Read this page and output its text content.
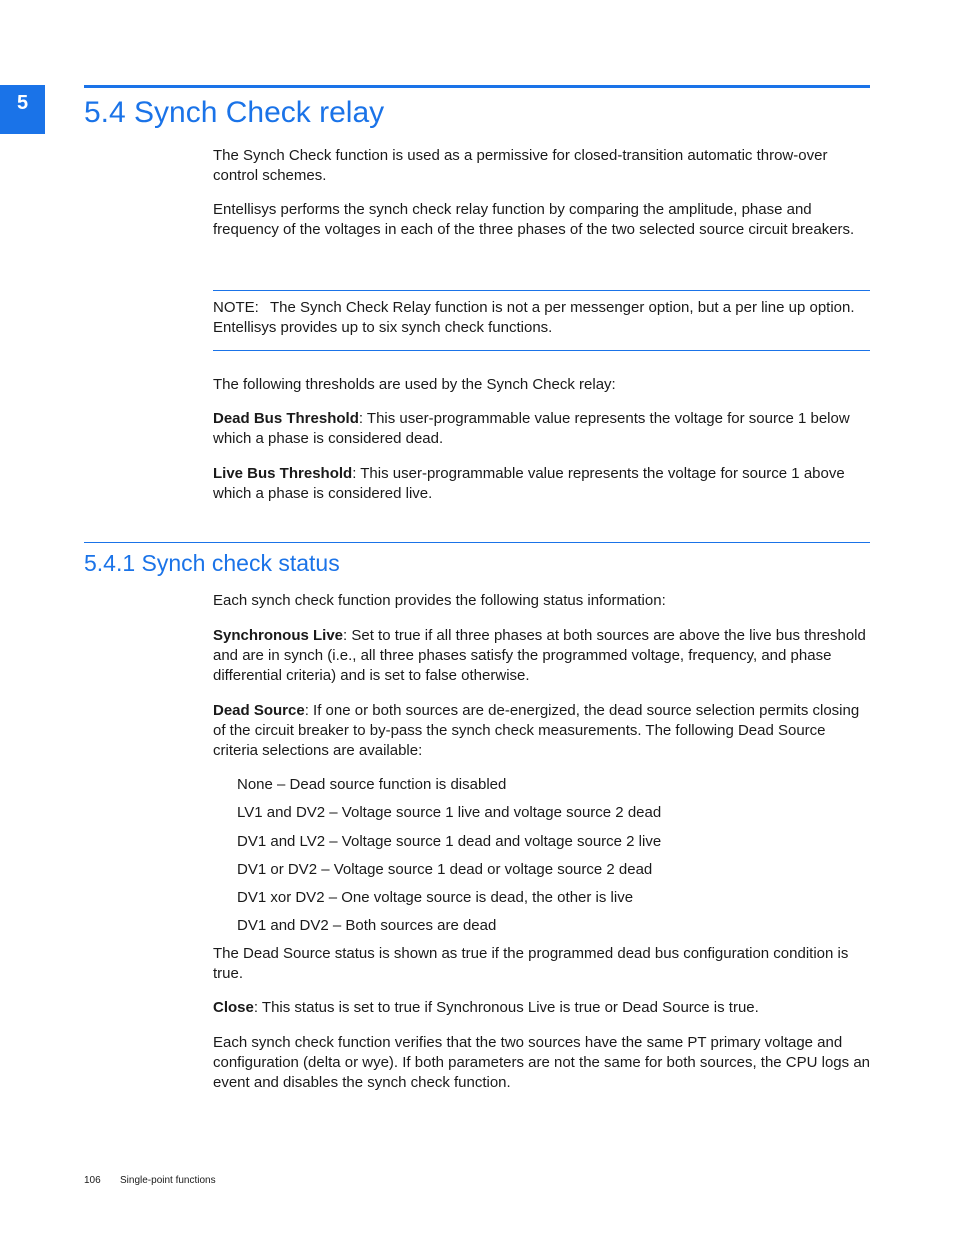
5	5.4 Synch Check relay

The Synch Check function is used as a permissive for closed-transition automatic throw-over control schemes.

Entellisys performs the synch check relay function by comparing the amplitude, phase and frequency of the voltages in each of the three phases of the two selected source circuit breakers.

NOTE: The Synch Check Relay function is not a per messenger option, but a per line up option. Entellisys provides up to six synch check functions.

The following thresholds are used by the Synch Check relay:

Dead Bus Threshold: This user-programmable value represents the voltage for source 1 below which a phase is considered dead.

Live Bus Threshold: This user-programmable value represents the voltage for source 1 above which a phase is considered live.

5.4.1 Synch check status

Each synch check function provides the following status information:

Synchronous Live: Set to true if all three phases at both sources are above the live bus threshold and are in synch (i.e., all three phases satisfy the programmed voltage, frequency, and phase differential criteria) and is set to false otherwise.

Dead Source: If one or both sources are de-energized, the dead source selection permits closing of the circuit breaker to by-pass the synch check measurements. The following Dead Source criteria selections are available:

None – Dead source function is disabled

LV1 and DV2 – Voltage source 1 live and voltage source 2 dead

DV1 and LV2 – Voltage source 1 dead and voltage source 2 live

DV1 or DV2 – Voltage source 1 dead or voltage source 2 dead

DV1 xor DV2 – One voltage source is dead, the other is live

DV1 and DV2 – Both sources are dead

The Dead Source status is shown as true if the programmed dead bus configuration condition is true.

Close: This status is set to true if Synchronous Live is true or Dead Source is true.

Each synch check function verifies that the two sources have the same PT primary voltage and configuration (delta or wye). If both parameters are not the same for both sources, the CPU logs an event and disables the synch check function.

106 Single-point functions
